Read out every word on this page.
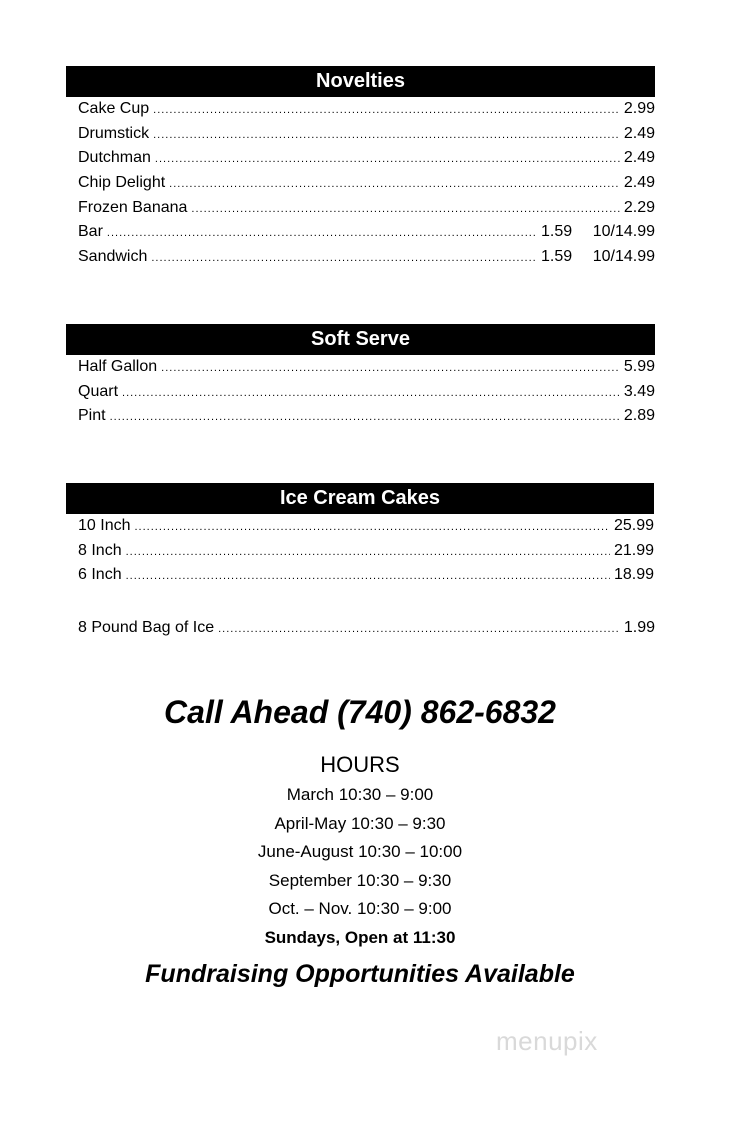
Novelties
Cake Cup .....	2.99
Drumstick .....	2.49
Dutchman .....	2.49
Chip Delight .....	2.49
Frozen Banana .....	2.29
Bar .....	1.59 10/14.99
Sandwich .....	1.59 10/14.99
Soft Serve
Half Gallon .....	5.99
Quart .....	3.49
Pint .....	2.89
Ice Cream Cakes
10 Inch .....	25.99
8 Inch .....	21.99
6 Inch .....	18.99
8 Pound Bag of Ice .....	1.99
Call Ahead (740) 862-6832
HOURS
March 10:30 – 9:00
April-May 10:30 – 9:30
June-August 10:30 – 10:00
September 10:30 – 9:30
Oct. – Nov. 10:30 – 9:00
Sundays, Open at 11:30
Fundraising Opportunities Available
menupix
